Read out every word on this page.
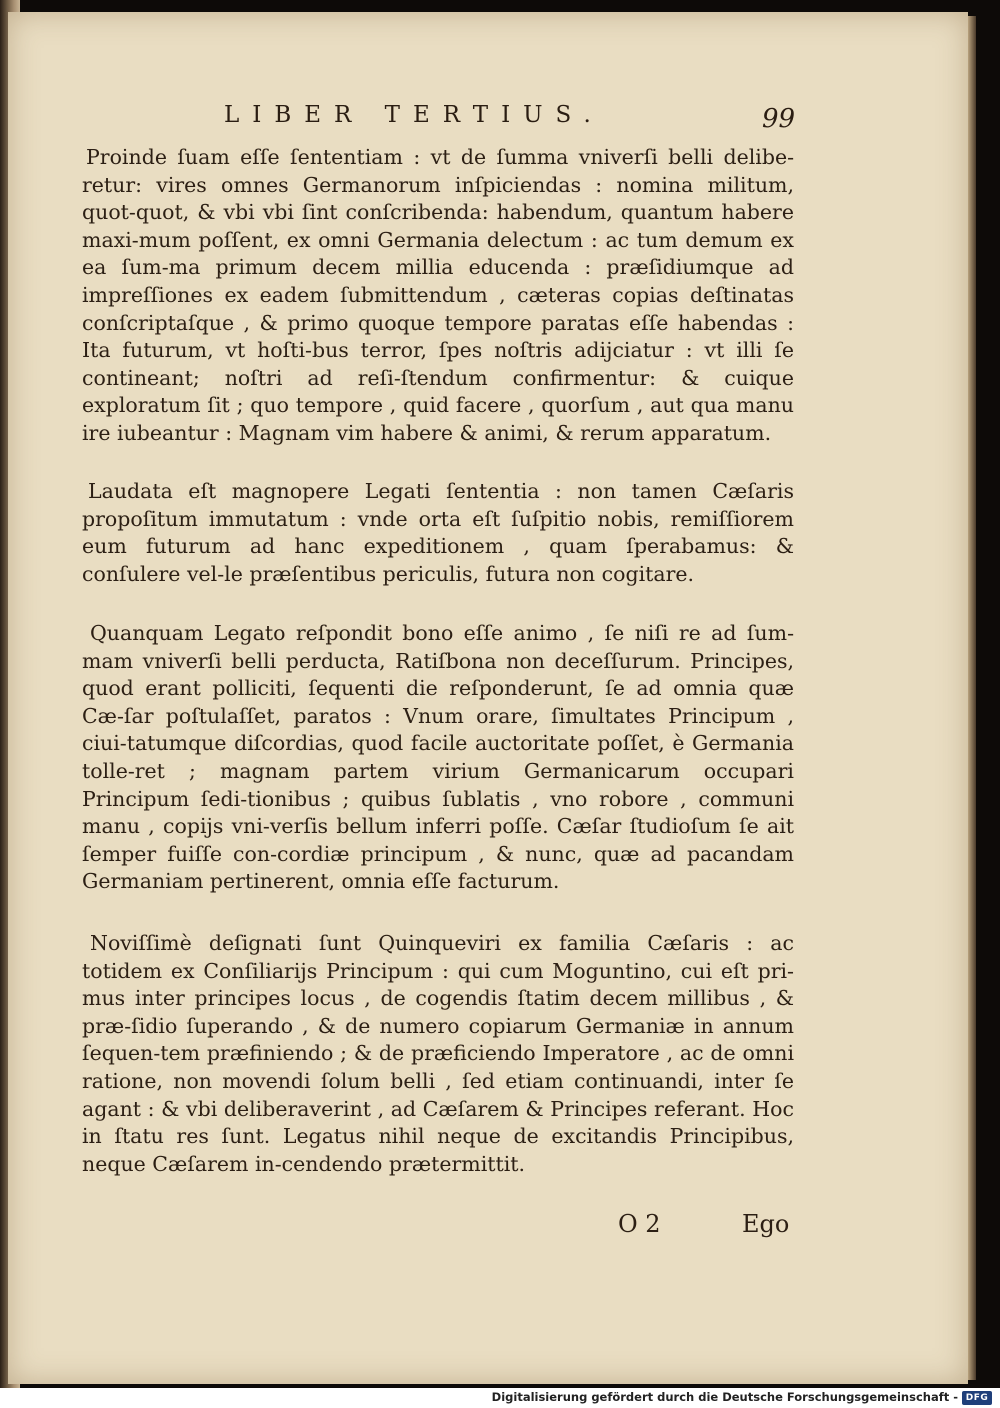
LIBER TERTIUS.	99

Proinde ſuam eſſe ſententiam : vt de ſumma vniverſi belli delibe-retur: vires omnes Germanorum inſpiciendas : nomina militum, quot-quot, & vbi vbi ſint conſcribenda: habendum, quantum habere maxi-mum poſſent, ex omni Germania delectum : ac tum demum ex ea ſum-ma primum decem millia educenda : præſidiumque ad impreſſiones ex eadem ſubmittendum , cæteras copias deſtinatas conſcriptaſque , & primo quoque tempore paratas eſſe habendas : Ita futurum, vt hoſti-bus terror, ſpes noſtris adijciatur : vt illi ſe contineant; noſtri ad reſi-ſtendum confirmentur: & cuique exploratum ſit ; quo tempore , quid facere , quorſum , aut qua manu ire iubeantur : Magnam vim habere & animi, & rerum apparatum.

Laudata eſt magnopere Legati ſententia : non tamen Cæſaris propoſitum immutatum : vnde orta eſt ſuſpitio nobis, remiſſiorem eum futurum ad hanc expeditionem , quam ſperabamus: & conſulere vel-le præſentibus periculis, futura non cogitare.

Quanquam Legato reſpondit bono eſſe animo , ſe niſi re ad ſum-mam vniverſi belli perducta, Ratiſbona non deceſſurum. Principes, quod erant polliciti, ſequenti die reſponderunt, ſe ad omnia quæ Cæ-ſar poſtulaſſet, paratos : Vnum orare, ſimultates Principum , ciui-tatumque diſcordias, quod facile auctoritate poſſet, è Germania tolle-ret ; magnam partem virium Germanicarum occupari Principum ſedi-tionibus ; quibus ſublatis , vno robore , communi manu , copijs vni-verſis bellum inferri poſſe. Cæſar ſtudioſum ſe ait ſemper fuiſſe con-cordiæ principum , & nunc, quæ ad pacandam Germaniam pertinerent, omnia eſſe facturum.

Noviſſimè deſignati ſunt Quinqueviri ex familia Cæſaris : ac totidem ex Conſiliarijs Principum : qui cum Moguntino, cui eſt pri-mus inter principes locus , de cogendis ſtatim decem millibus , & præ-ſidio ſuperando , & de numero copiarum Germaniæ in annum ſequen-tem præfiniendo ; & de præficiendo Imperatore , ac de omni ratione, non movendi ſolum belli , ſed etiam continuandi, inter ſe agant : & vbi deliberaverint , ad Cæſarem & Principes referant. Hoc in ſtatu res ſunt. Legatus nihil neque de excitandis Principibus, neque Cæſarem in-cendendo prætermittit.

O 2	Ego
Digitalisierung gefördert durch die Deutsche Forschungsgemeinschaft - DFG
